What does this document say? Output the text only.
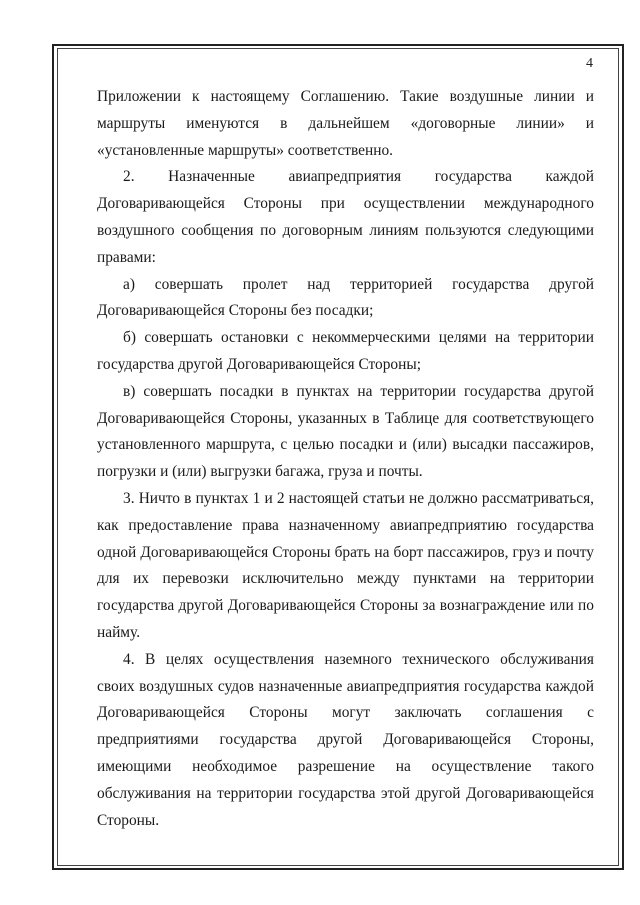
4

Приложении к настоящему Соглашению. Такие воздушные линии и маршруты именуются в дальнейшем «договорные линии» и «установленные маршруты» соответственно.

2. Назначенные авиапредприятия государства каждой Договаривающейся Стороны при осуществлении международного воздушного сообщения по договорным линиям пользуются следующими правами:

а) совершать пролет над территорией государства другой Договаривающейся Стороны без посадки;

б) совершать остановки с некоммерческими целями на территории государства другой Договаривающейся Стороны;

в) совершать посадки в пунктах на территории государства другой Договаривающейся Стороны, указанных в Таблице для соответствующего установленного маршрута, с целью посадки и (или) высадки пассажиров, погрузки и (или) выгрузки багажа, груза и почты.

3. Ничто в пунктах 1 и 2 настоящей статьи не должно рассматриваться, как предоставление права назначенному авиапредприятию государства одной Договаривающейся Стороны брать на борт пассажиров, груз и почту для их перевозки исключительно между пунктами на территории государства другой Договаривающейся Стороны за вознаграждение или по найму.

4. В целях осуществления наземного технического обслуживания своих воздушных судов назначенные авиапредприятия государства каждой Договаривающейся Стороны могут заключать соглашения с предприятиями государства другой Договаривающейся Стороны, имеющими необходимое разрешение на осуществление такого обслуживания на территории государства этой другой Договаривающейся Стороны.
